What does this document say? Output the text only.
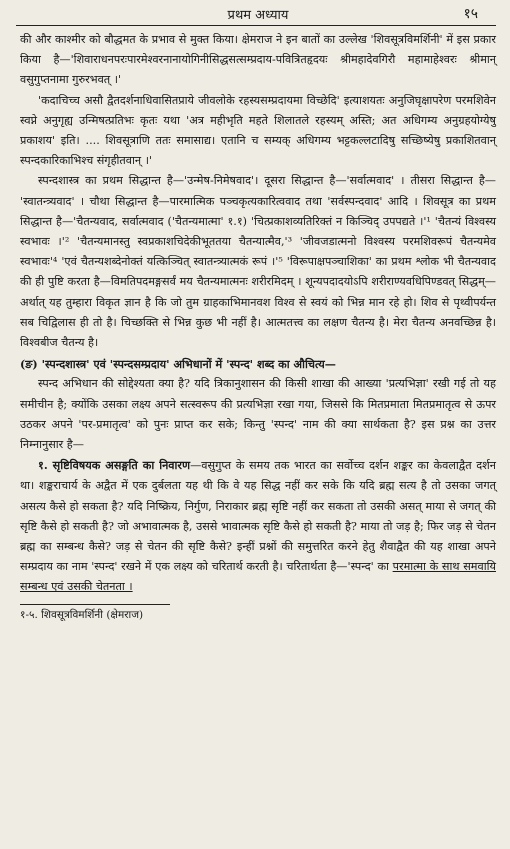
प्रथम अध्याय	१५

की और काश्मीर को बौद्धमत के प्रभाव से मुक्त किया। क्षेमराज ने इन बातों का उल्लेख 'शिवसूत्रविमर्शिनी' में इस प्रकार किया है—'शिवाराधनपरःपारमेश्वरनानायोगिनीसिद्धसत्सम्प्रदाय-पवित्रितहृदयः श्रीमहादेवगिरौ महामाहेश्वरः श्रीमान् वसुगुप्तनामा गुरुरभवत् ।'

'कदाचिच्च असौ द्वैतदर्शनाधिवासितप्राये जीवलोके रहस्यसम्प्रदायमा विच्छेदि' इत्याशयतः अनुजिघृक्षापरेण परमशिवेन स्वप्ने अनुगृह्य उन्मिषत्प्रतिभः कृतः यथा 'अत्र महीभृति महते शिलातले रहस्यम् अस्ति; अत अधिगम्य अनुग्रहयोग्येषु प्रकाशय' इति। .... शिवसूत्राणि ततः समासाद्य। एतानि च सम्यक् अधिगम्य भट्टकल्लटादिषु सच्छिष्येषु प्रकाशितवान् स्पन्दकारिकाभिश्च संगृहीतवान् ।'

स्पन्दशास्त्र का प्रथम सिद्धान्त है—'उन्मेष-निमेषवाद'। दूसरा सिद्धान्त है—'सर्वात्मवाद' । तीसरा सिद्धान्त है— 'स्वातन्त्र्यवाद' । चौथा सिद्धान्त है—पारमात्मिक पञ्चकृत्यकारित्ववाद तथा 'सर्वस्पन्दवाद' आदि । शिवसूत्र का प्रथम सिद्धान्त है—'चैतन्यवाद, सर्वात्मवाद ('चैतन्यमात्मा' १.१) 'चित्प्रकाशव्यतिरिक्तं न किञ्चिद् उपपद्यते ।'¹ 'चैतन्यं विश्वस्य स्वभावः ।'² 'चैतन्यमानस्तु स्वप्रकाशचिदेकीभूततया चैतन्यात्मैव,'³ 'जीवजडात्मनो विश्वस्य परमशिवरूपं चैतन्यमेव स्वभावः'⁴ 'एवं चैतन्यशब्देनोक्तं यत्किञ्चित् स्वातन्त्र्यात्मकं रूपं ।'⁵ 'विरूपाक्षपञ्चाशिका' का प्रथम श्लोक भी चैतन्यवाद की ही पुष्टि करता है—विमतिपदमङ्गसर्वं मय चैतन्यमात्मनः शरीरमिदम् । शून्यपदादयोऽपि शरीराण्यवधिपिण्डवत् सिद्धम्—अर्थात् यह तुम्हारा विकृत ज्ञान है कि जो तुम ग्राहकाभिमानवश विश्व से स्वयं को भिन्न मान रहे हो। शिव से पृथ्वीपर्यन्त सब चिद्विलास ही तो है। चिच्छक्ति से भिन्न कुछ भी नहीं है। आत्मतत्त्व का लक्षण चैतन्य है। मेरा चैतन्य अनवच्छिन्न है। विश्वबीज चैतन्य है।

(ङ) 'स्पन्दशास्त्र' एवं 'स्पन्दसम्प्रदाय' अभिधानों में 'स्पन्द' शब्द का औचित्य—

स्पन्द अभिधान की सोद्देश्यता क्या है? यदि त्रिकानुशासन की किसी शाखा की आख्या 'प्रत्यभिज्ञा' रखी गई तो यह समीचीन है; क्योंकि उसका लक्ष्य अपने सत्स्वरूप की प्रत्यभिज्ञा रखा गया, जिससे कि मितप्रमाता मितप्रमातृत्व से ऊपर उठकर अपने 'पर-प्रमातृत्व' को पुनः प्राप्त कर सके; किन्तु 'स्पन्द' नाम की क्या सार्थकता है? इस प्रश्न का उत्तर निम्नानुसार है—

१. सृष्टिविषयक असङ्गति का निवारण—वसुगुप्त के समय तक भारत का सर्वोच्च दर्शन शङ्कर का केवलाद्वैत दर्शन था। शङ्कराचार्य के अद्वैत में एक दुर्बलता यह थी कि वे यह सिद्ध नहीं कर सके कि यदि ब्रह्म सत्य है तो उसका जगत् असत्य कैसे हो सकता है? यदि निष्क्रिय, निर्गुण, निराकार ब्रह्म सृष्टि नहीं कर सकता तो उसकी असत् माया से जगत् की सृष्टि कैसे हो सकती है? जो अभावात्मक है, उससे भावात्मक सृष्टि कैसे हो सकती है? माया तो जड़ है; फिर जड़ से चेतन ब्रह्म का सम्बन्ध कैसे? जड़ से चेतन की सृष्टि कैसे? इन्हीं प्रश्नों की समुत्तरित करने हेतु शैवाद्वैत की यह शाखा अपने सम्प्रदाय का नाम 'स्पन्द' रखने में एक लक्ष्य को चरितार्थ करती है। चरितार्थता है—'स्पन्द' का परमात्मा के साथ समवायि सम्बन्ध एवं उसकी चेतनता ।

१-५. शिवसूत्रविमर्शिनी (क्षेमराज)
